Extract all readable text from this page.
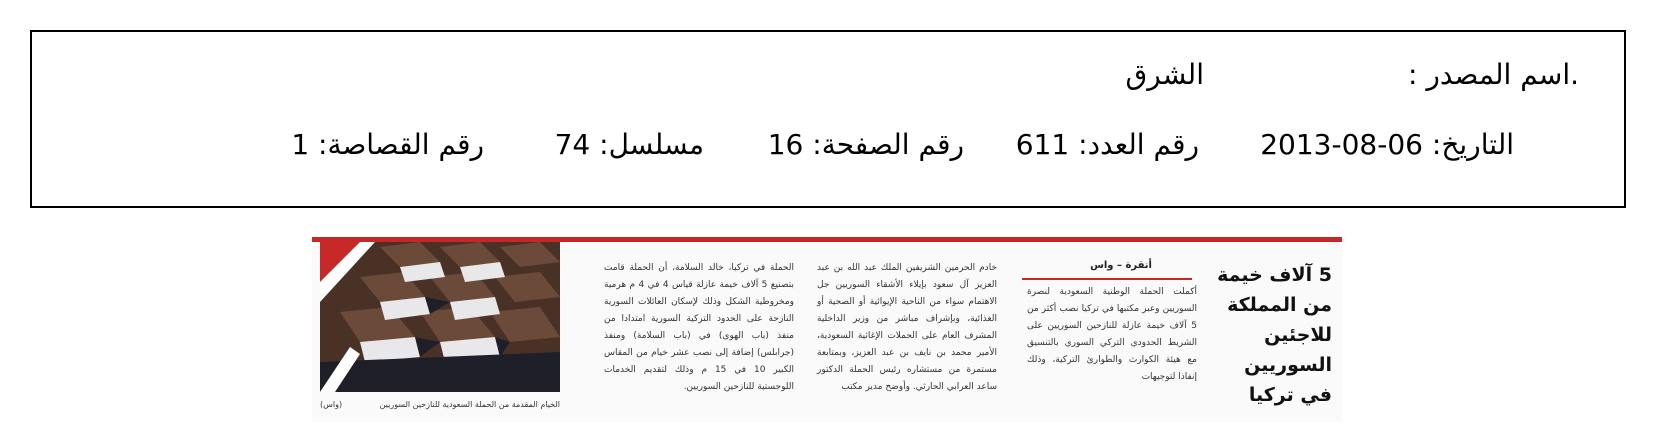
.اسم المصدر :
الشرق
التاريخ: 06-08-2013
رقم العدد: 611
رقم الصفحة: 16
مسلسل: 74
رقم القصاصة: 1
5 آلاف خيمة من المملكة للاجئين السوريين في تركيا
أنقرة – واس

أكملت الحملة الوطنية السعودية لنصرة السوريين وعبر مكتبها في تركيا نصب أكثر من 5 آلاف خيمة عازلة للنازحين السوريين على الشريط الحدودي التركي السوري بالتنسيق مع هيئة الكوارث والطوارئ التركية، وذلك إنفاذا لتوجيهات

خادم الحرمين الشريفين الملك عبد الله بن عبد العزيز آل سعود بإيلاء الأشقاء السوريين جل الاهتمام سواء من الناحية الإيوائية أو الصحية أو الغذائية، وبإشراف مباشر من وزير الداخلية المشرف العام على الحملات الإغاثية السعودية، الأمير محمد بن نايف بن عبد العزيز، وبمتابعة مستمرة من مستشاره رئيس الحملة الدكتور ساعد العرابي الحارثي. وأوضح مدير مكتب

الحملة في تركيا، خالد السلامة، أن الحملة قامت بتصنيع 5 آلاف خيمة عازلة قياس 4 في 4 م هرمية ومخروطية الشكل وذلك لإسكان العائلات السورية النازحة على الحدود التركية السورية امتدادا من منفذ (باب الهوى) في (باب السلامة) ومنفذ (جرابلس) إضافة إلى نصب عشر خيام من المقاس الكبير 10 في 15 م وذلك لتقديم الخدمات اللوجستية للنازحين السوريين.

الخيام المقدمة من الحملة السعودية للنازحين السوريين
(واس)
